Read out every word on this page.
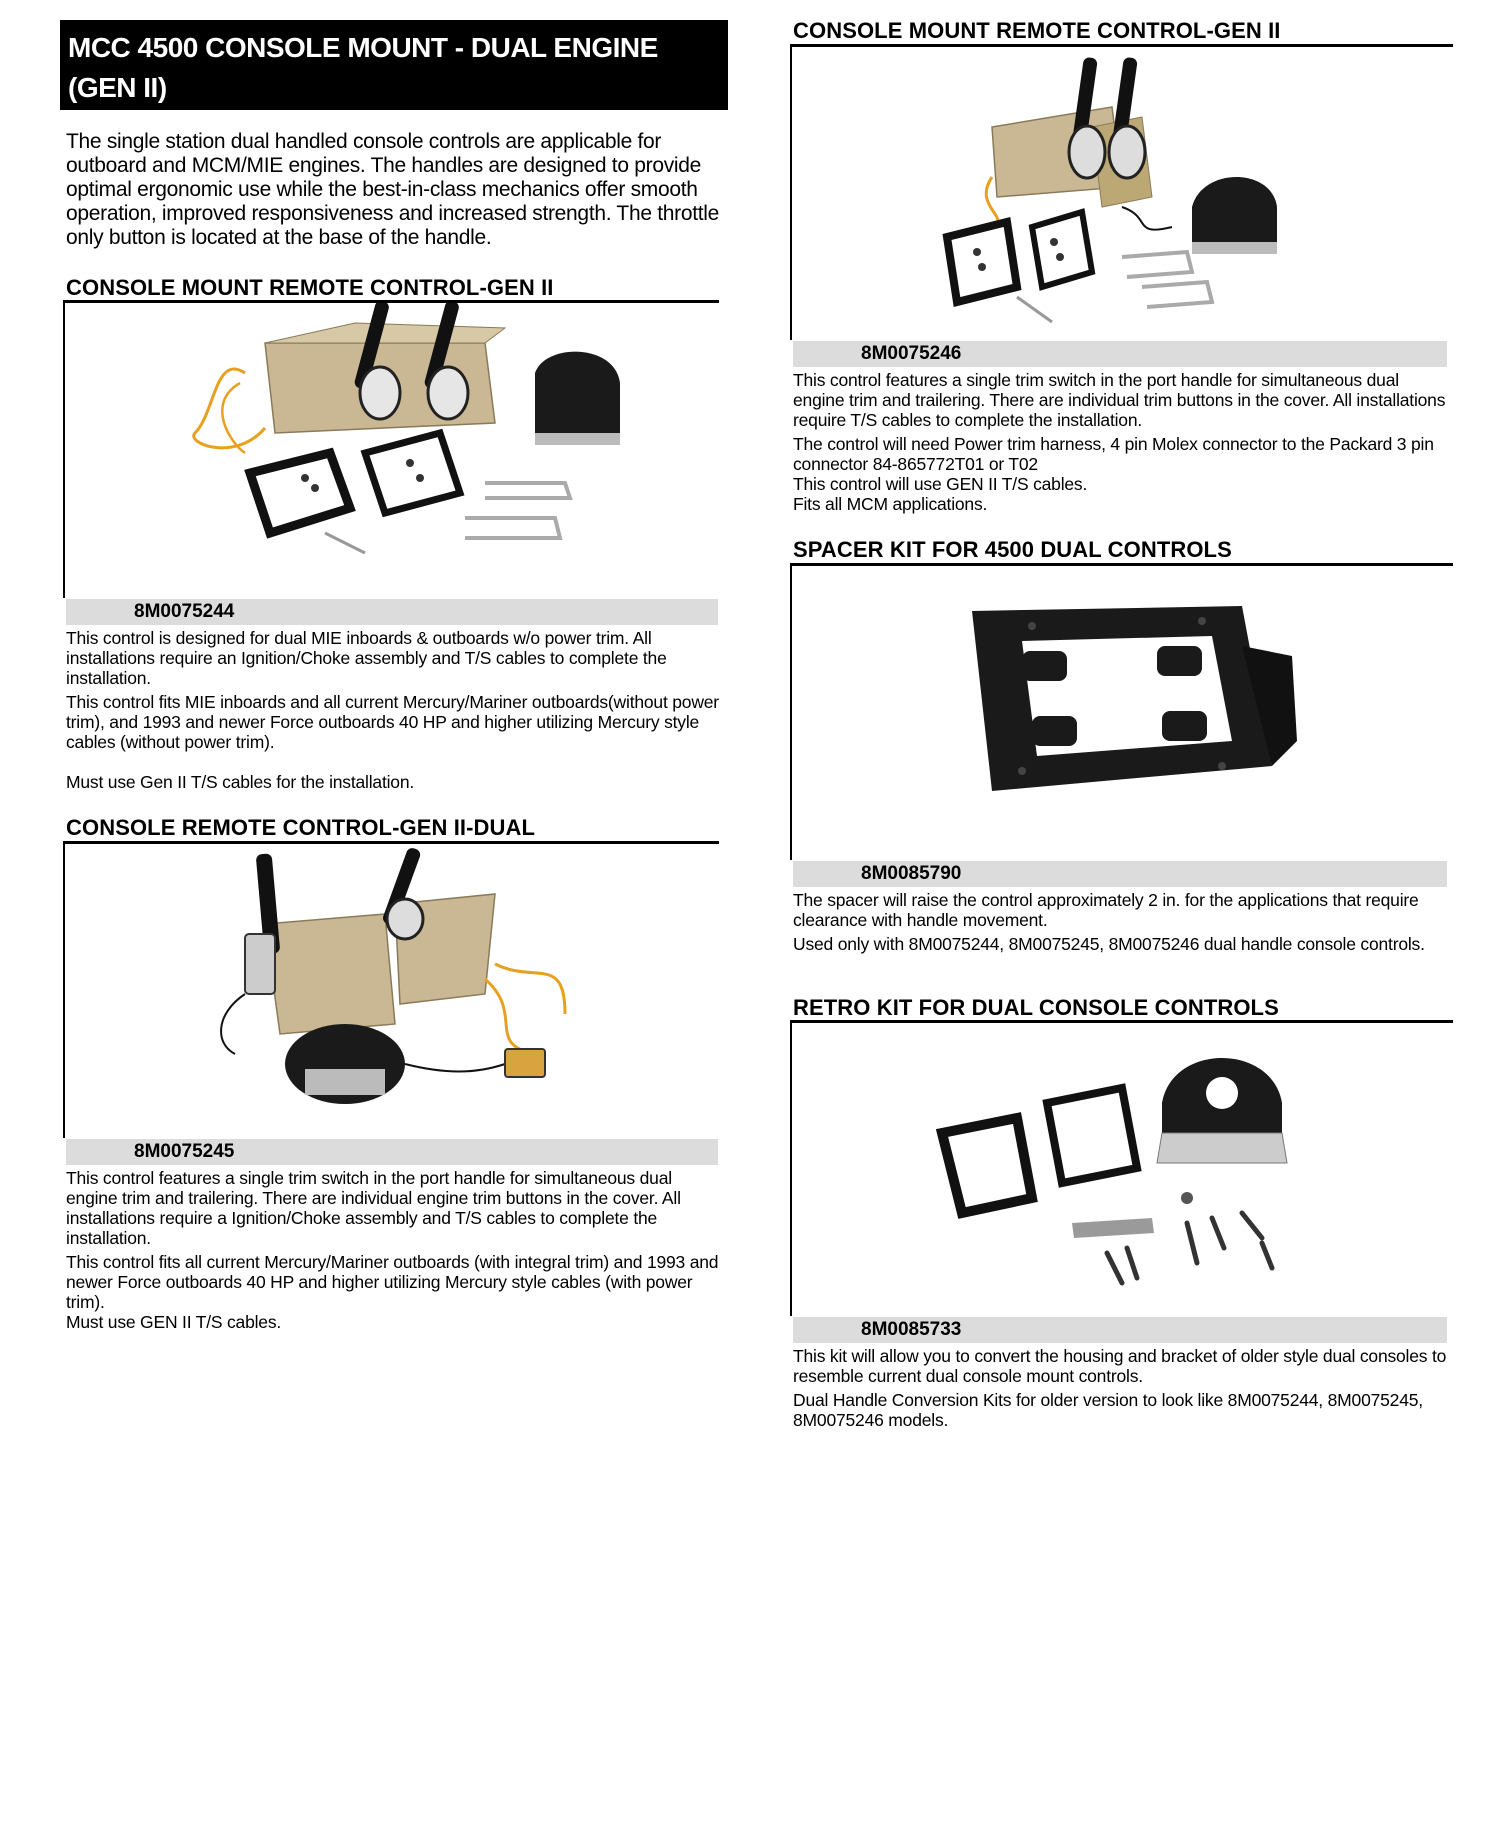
MCC 4500 CONSOLE MOUNT - DUAL ENGINE (GEN II)
The single station dual handled console controls are applicable for outboard and MCM/MIE engines. The handles are designed to provide optimal ergonomic use while the best-in-class mechanics offer smooth operation, improved responsiveness and increased strength. The throttle only button is located at the base of the handle.
CONSOLE MOUNT REMOTE CONTROL-GEN II
8M0075244

This control is designed for dual MIE inboards & outboards w/o power trim. All installations require an Ignition/Choke assembly and T/S cables to complete the installation.

This control fits MIE inboards and all current Mercury/Mariner outboards(without power trim), and 1993 and newer Force outboards 40 HP and higher utilizing Mercury style cables (without power trim).

Must use Gen II T/S cables for the installation.

CONSOLE REMOTE CONTROL-GEN II-DUAL
8M0075245

This control features a single trim switch in the port handle for simultaneous dual engine trim and trailering. There are individual engine trim buttons in the cover. All installations require a Ignition/Choke assembly and T/S cables to complete the installation.

This control fits all current Mercury/Mariner outboards (with integral trim) and 1993 and newer Force outboards 40 HP and higher utilizing Mercury style cables (with power trim).

Must use GEN II T/S cables.

CONSOLE MOUNT REMOTE CONTROL-GEN II
8M0075246

This control features a single trim switch in the port handle for simultaneous dual engine trim and trailering. There are individual trim buttons in the cover. All installations require T/S cables to complete the installation.

The control will need Power trim harness, 4 pin Molex connector to the Packard 3 pin connector 84-865772T01 or T02

This control will use GEN II T/S cables.

Fits all MCM applications.

SPACER KIT FOR 4500 DUAL CONTROLS
8M0085790

The spacer will raise the control approximately 2 in. for the applications that require clearance with handle movement.

Used only with 8M0075244, 8M0075245, 8M0075246 dual handle console controls.

RETRO KIT FOR DUAL CONSOLE CONTROLS
8M0085733

This kit will allow you to convert the housing and bracket of older style dual consoles to resemble current dual console mount controls.

Dual Handle Conversion Kits for older version to look like 8M0075244, 8M0075245, 8M0075246 models.
